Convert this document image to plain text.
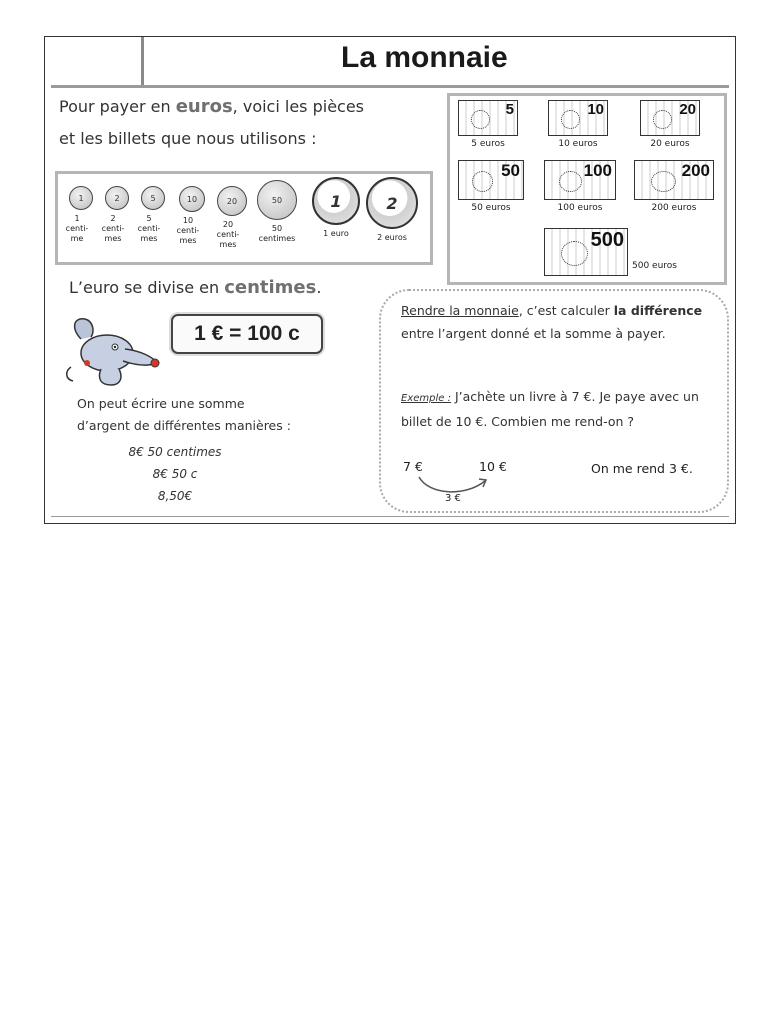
La monnaie
Pour payer en euros, voici les pièces
et les billets que nous utilisons :
1
1 centi- me
2
2 centi- mes
5
5 centi- mes
10
10 centi- mes
20
20 centi- mes
50
50 centimes
1
1 euro
2
2 euros
5
5 euros
10
10 euros
20
20 euros
50
50 euros
100
100 euros
200
200 euros
500
500 euros
L’euro se divise en centimes.
1 € = 100 c
On peut écrire une somme
d’argent de différentes manières :
8€ 50 centimes
8€ 50 c
8,50€
Rendre la monnaie, c’est calculer la différence entre l’argent donné et la somme à payer.
Exemple : J’achète un livre à 7 €. Je paye avec un billet de 10 €. Combien me rend-on ?
7 €	10 €
3 €
On me rend 3 €.
